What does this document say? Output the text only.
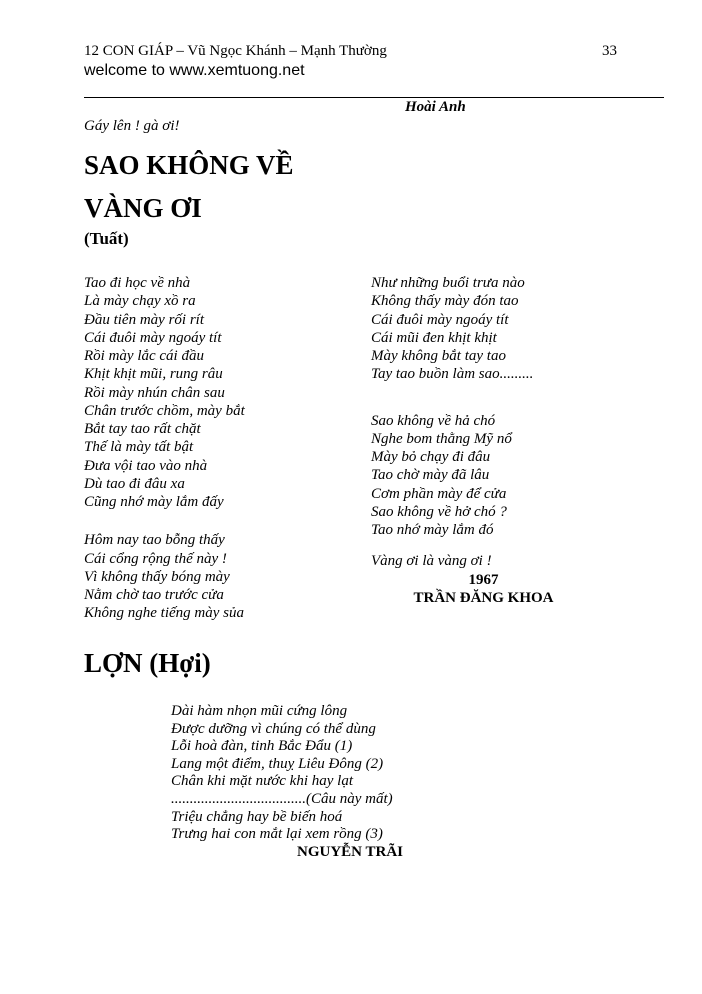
12 CON GIÁP – Vũ Ngọc Khánh – Mạnh Thường	33
welcome to www.xemtuong.net
Hoài Anh
Gáy lên ! gà ơi!
SAO KHÔNG VỀ
VÀNG ƠI
(Tuất)
Tao đi học về nhà
Là mày chạy xồ ra
Đầu tiên mày rối rít
Cái đuôi mày ngoáy tít
Rồi mày lắc cái đầu
Khịt khịt mũi, rung râu
Rồi mày nhún chân sau
Chân trước chồm, mày bắt
Bắt tay tao rất chặt
Thế là mày tất bật
Đưa vội tao vào nhà
Dù tao đi đâu xa
Cũng nhớ mày lắm đấy
Hôm nay tao bỗng thấy
Cái cổng rộng thế này !
Vì không thấy bóng mày
Nằm chờ tao trước cửa
Không nghe tiếng mày sủa
Như những buổi trưa nào
Không thấy mày đón tao
Cái đuôi mày ngoáy tít
Cái mũi đen khịt khịt
Mày không bắt tay tao
Tay tao buồn làm sao.........
Sao không về hả chó
Nghe bom thằng Mỹ nổ
Mày bỏ chạy đi đâu
Tao chờ mày đã lâu
Cơm phần mày để cửa
Sao không về hở chó ?
Tao nhớ mày lắm đó
Vàng ơi là vàng ơi !
1967
TRẦN ĐĂNG KHOA
LỢN (Hợi)
Dài hàm nhọn mũi cứng lông
Được dưỡng vì chúng có thể dùng
Lỗi hoà đàn, tinh Bắc Đẩu (1)
Lang một điểm, thuỵ Liêu Đông (2)
Chân khi mặt nước khi hay lạt
....................................(Câu này mất)
Triệu chẳng hay bề biến hoá
Trưng hai con mắt lại xem rồng (3)
NGUYỄN TRÃI
